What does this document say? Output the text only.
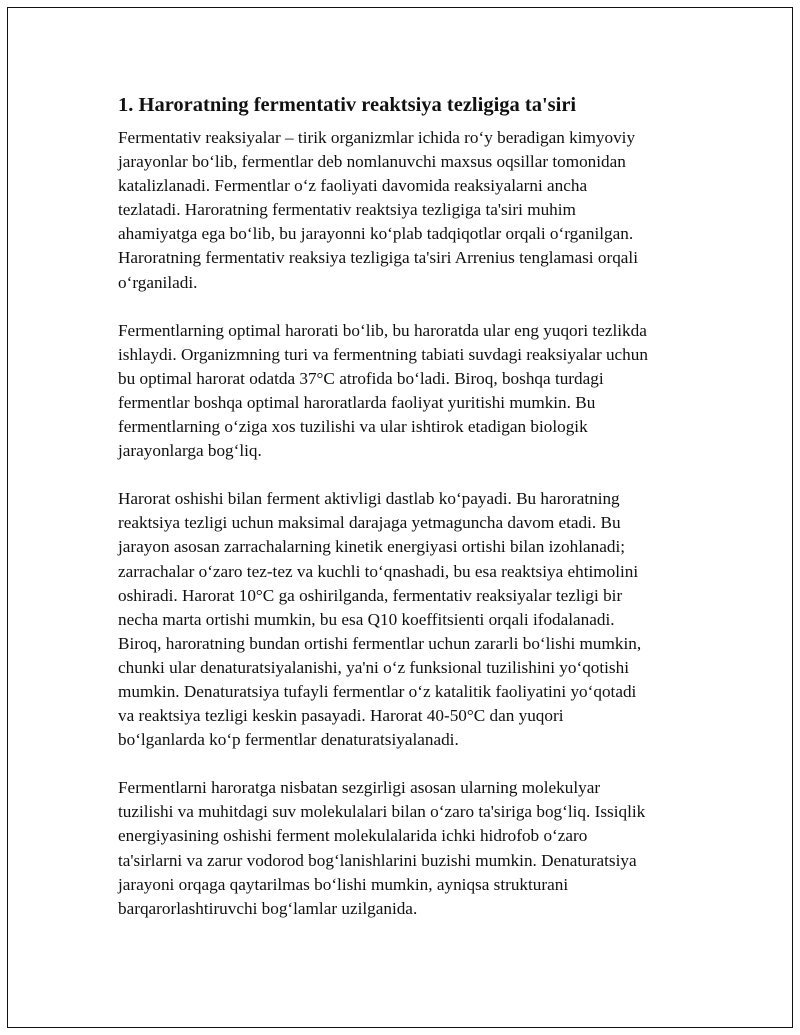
1. Haroratning fermentativ reaktsiya tezligiga ta'siri

Fermentativ reaksiyalar – tirik organizmlar ichida ro‘y beradigan kimyoviy
jarayonlar bo‘lib, fermentlar deb nomlanuvchi maxsus oqsillar tomonidan
katalizlanadi. Fermentlar o‘z faoliyati davomida reaksiyalarni ancha
tezlatadi. Haroratning fermentativ reaktsiya tezligiga ta'siri muhim
ahamiyatga ega bo‘lib, bu jarayonni ko‘plab tadqiqotlar orqali o‘rganilgan.
Haroratning fermentativ reaksiya tezligiga ta'siri Arrenius tenglamasi orqali
o‘rganiladi.

Fermentlarning optimal harorati bo‘lib, bu haroratda ular eng yuqori tezlikda
ishlaydi. Organizmning turi va fermentning tabiati suvdagi reaksiyalar uchun
bu optimal harorat odatda 37°C atrofida bo‘ladi. Biroq, boshqa turdagi
fermentlar boshqa optimal haroratlarda faoliyat yuritishi mumkin. Bu
fermentlarning o‘ziga xos tuzilishi va ular ishtirok etadigan biologik
jarayonlarga bog‘liq.

Harorat oshishi bilan ferment aktivligi dastlab ko‘payadi. Bu haroratning
reaktsiya tezligi uchun maksimal darajaga yetmaguncha davom etadi. Bu
jarayon asosan zarrachalarning kinetik energiyasi ortishi bilan izohlanadi;
zarrachalar o‘zaro tez-tez va kuchli to‘qnashadi, bu esa reaktsiya ehtimolini
oshiradi. Harorat 10°C ga oshirilganda, fermentativ reaksiyalar tezligi bir
necha marta ortishi mumkin, bu esa Q10 koeffitsienti orqali ifodalanadi.
Biroq, haroratning bundan ortishi fermentlar uchun zararli bo‘lishi mumkin,
chunki ular denaturatsiyalanishi, ya'ni o‘z funksional tuzilishini yo‘qotishi
mumkin. Denaturatsiya tufayli fermentlar o‘z katalitik faoliyatini yo‘qotadi
va reaktsiya tezligi keskin pasayadi. Harorat 40-50°C dan yuqori
bo‘lganlarda ko‘p fermentlar denaturatsiyalanadi.

Fermentlarni haroratga nisbatan sezgirligi asosan ularning molekulyar
tuzilishi va muhitdagi suv molekulalari bilan o‘zaro ta'siriga bog‘liq. Issiqlik
energiyasining oshishi ferment molekulalarida ichki hidrofob o‘zaro
ta'sirlarni va zarur vodorod bog‘lanishlarini buzishi mumkin. Denaturatsiya
jarayoni orqaga qaytarilmas bo‘lishi mumkin, ayniqsa strukturani
barqarorlashtiruvchi bog‘lamlar uzilganida.
